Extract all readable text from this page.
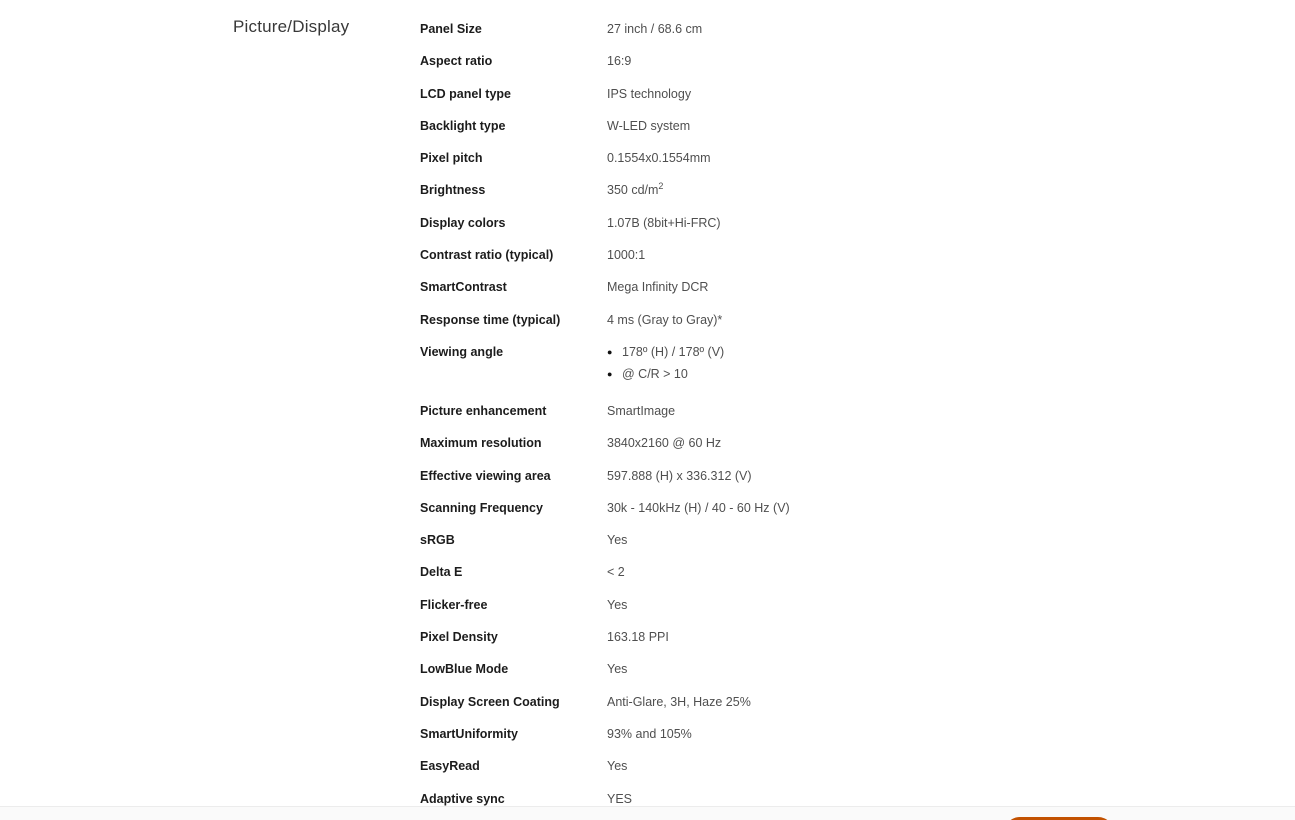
Picture/Display	Panel Size	27 inch / 68.6 cm
Aspect ratio	16:9
LCD panel type	IPS technology
Backlight type	W-LED system
Pixel pitch	0.1554x0.1554mm
Brightness	350 $cd/m^2$
Display colors	1.07B (8bit+Hi-FRC)
Contrast ratio (typical)	1000:1
SmartContrast	Mega Infinity DCR
Response time (typical)	4 ms (Gray to Gray)*
Viewing angle	● 178º (H) / 178º (V)
● @ C/R > 10
Picture enhancement	SmartImage
Maximum resolution	3840x2160 @ 60 Hz
Effective viewing area	597.888 (H) x 336.312 (V)
Scanning Frequency	30k - 140kHz (H) / 40 - 60 Hz (V)
sRGB	Yes
Delta E	< 2
Flicker-free	Yes
Pixel Density	163.18 PPI
LowBlue Mode	Yes
Display Screen Coating	Anti-Glare, 3H, Haze 25%
SmartUniformity	93% and 105%
EasyRead	Yes
Adaptive sync	YES
